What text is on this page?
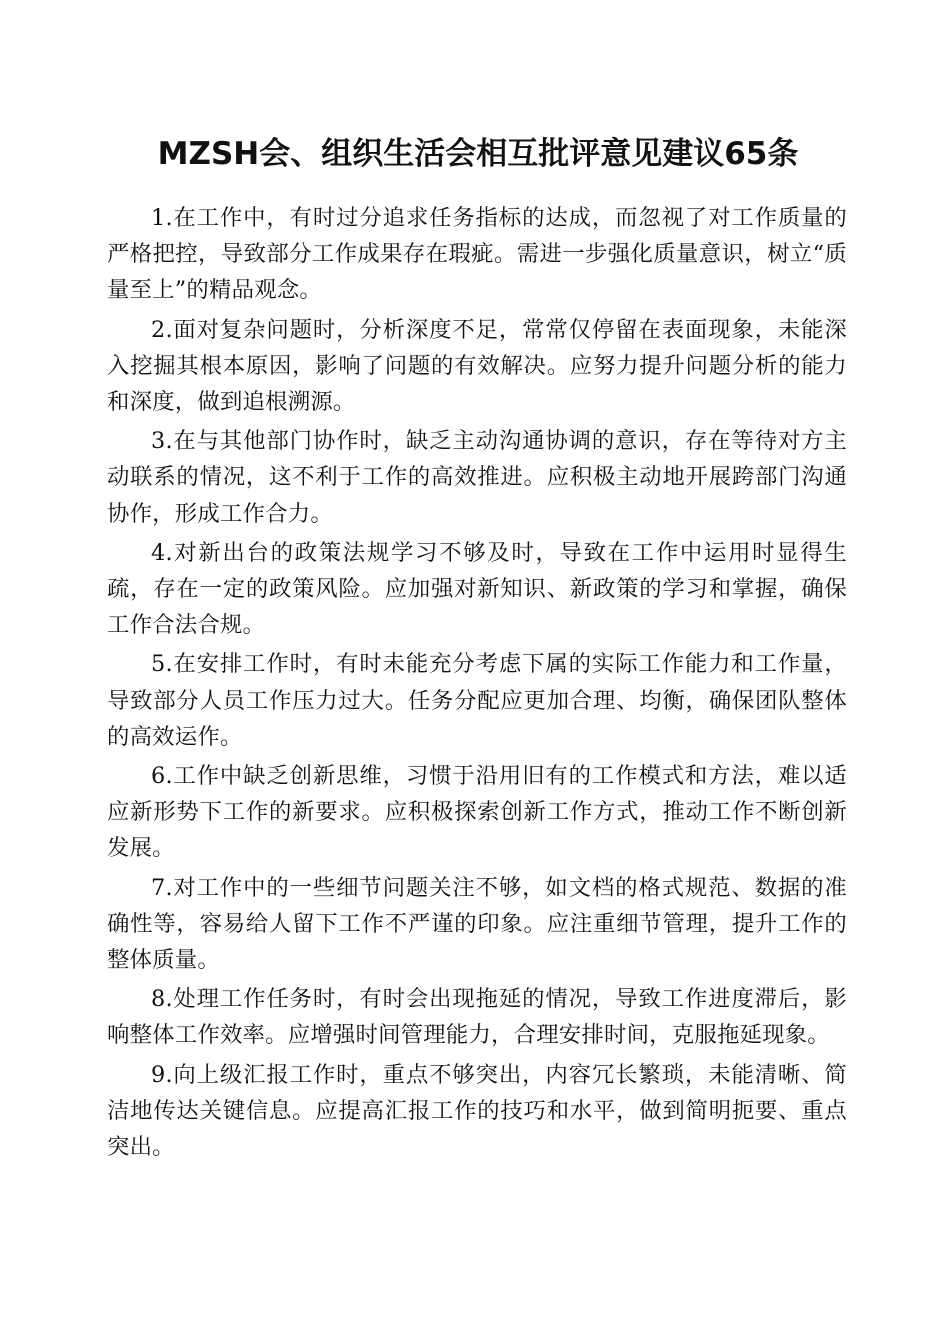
MZSH会、组织生活会相互批评意见建议65条

1.在工作中，有时过分追求任务指标的达成，而忽视了对工作质量的严格把控，导致部分工作成果存在瑕疵。需进一步强化质量意识，树立“质量至上”的精品观念。

2.面对复杂问题时，分析深度不足，常常仅停留在表面现象，未能深入挖掘其根本原因，影响了问题的有效解决。应努力提升问题分析的能力和深度，做到追根溯源。

3.在与其他部门协作时，缺乏主动沟通协调的意识，存在等待对方主动联系的情况，这不利于工作的高效推进。应积极主动地开展跨部门沟通协作，形成工作合力。

4.对新出台的政策法规学习不够及时，导致在工作中运用时显得生疏，存在一定的政策风险。应加强对新知识、新政策的学习和掌握，确保工作合法合规。

5.在安排工作时，有时未能充分考虑下属的实际工作能力和工作量，导致部分人员工作压力过大。任务分配应更加合理、均衡，确保团队整体的高效运作。

6.工作中缺乏创新思维，习惯于沿用旧有的工作模式和方法，难以适应新形势下工作的新要求。应积极探索创新工作方式，推动工作不断创新发展。

7.对工作中的一些细节问题关注不够，如文档的格式规范、数据的准确性等，容易给人留下工作不严谨的印象。应注重细节管理，提升工作的整体质量。

8.处理工作任务时，有时会出现拖延的情况，导致工作进度滞后，影响整体工作效率。应增强时间管理能力，合理安排时间，克服拖延现象。

9.向上级汇报工作时，重点不够突出，内容冗长繁琐，未能清晰、简洁地传达关键信息。应提高汇报工作的技巧和水平，做到简明扼要、重点突出。
